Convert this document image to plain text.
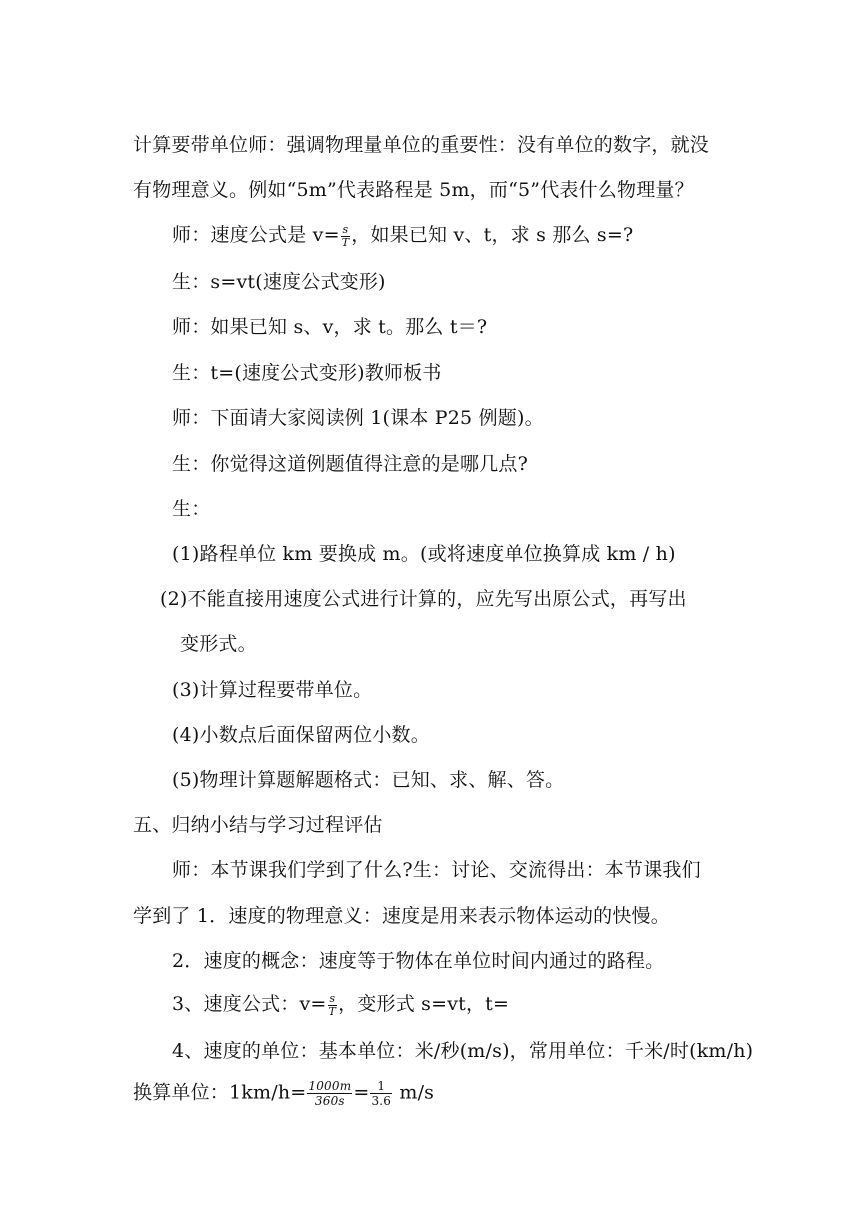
计算要带单位师：强调物理量单位的重要性：没有单位的数字，就没

有物理意义。例如“5m”代表路程是 5m，而“5”代表什么物理量？

师：速度公式是 $v= \frac{s}{T}$ ，如果已知 v、t，求 s 那么 s=?

生：s=vt(速度公式变形)

师：如果已知 s、v，求 t。那么 t＝?

生：t=(速度公式变形)教师板书

师：下面请大家阅读例 1(课本 P25 例题)。

生：你觉得这道例题值得注意的是哪几点?

生：

(1)路程单位 km 要换成 m。(或将速度单位换算成 km / h)

(2)不能直接用速度公式进行计算的，应先写出原公式，再写出

变形式。

(3)计算过程要带单位。

(4)小数点后面保留两位小数。

(5)物理计算题解题格式：已知、求、解、答。

五、归纳小结与学习过程评估

师：本节课我们学到了什么?生：讨论、交流得出：本节课我们

学到了 1．速度的物理意义：速度是用来表示物体运动的快慢。

2．速度的概念：速度等于物体在单位时间内通过的路程。

3、速度公式：$v= \frac{s}{T}$ ，变形式 s=vt，t=

4、速度的单位：基本单位：米/秒(m/s)，常用单位：千米/时(km/h)

换算单位：$1km/h= \frac{1000m}{360s} = \frac{1}{3.6} m/s$
